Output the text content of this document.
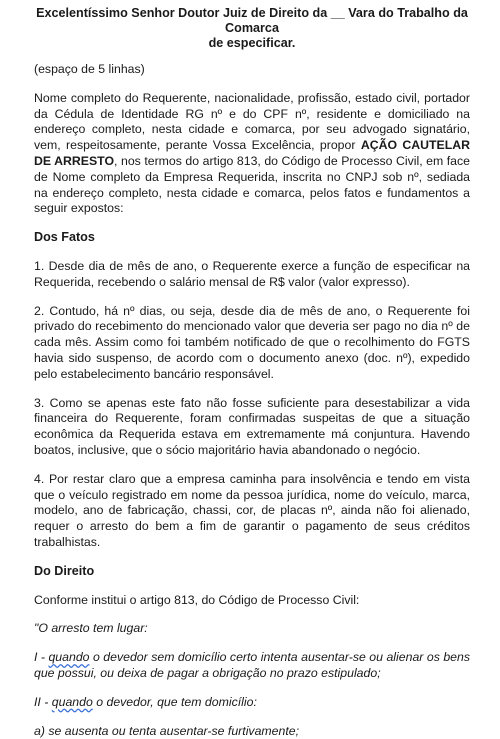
Excelentíssimo Senhor Doutor Juiz de Direito da __ Vara do Trabalho da Comarca

de especificar.

(espaço de 5 linhas)

Nome completo do Requerente, nacionalidade, profissão, estado civil, portador da Cédula de Identidade RG nº e do CPF nº, residente e domiciliado na endereço completo, nesta cidade e comarca, por seu advogado signatário, vem, respeitosamente, perante Vossa Excelência, propor AÇÃO CAUTELAR DE ARRESTO, nos termos do artigo 813, do Código de Processo Civil, em face de Nome completo da Empresa Requerida, inscrita no CNPJ sob nº, sediada na endereço completo, nesta cidade e comarca, pelos fatos e fundamentos a seguir expostos:

Dos Fatos

1. Desde dia de mês de ano, o Requerente exerce a função de especificar na Requerida, recebendo o salário mensal de R$ valor (valor expresso).

2. Contudo, há nº dias, ou seja, desde dia de mês de ano, o Requerente foi privado do recebimento do mencionado valor que deveria ser pago no dia nº de cada mês. Assim como foi também notificado de que o recolhimento do FGTS havia sido suspenso, de acordo com o documento anexo (doc. nº), expedido pelo estabelecimento bancário responsável.

3. Como se apenas este fato não fosse suficiente para desestabilizar a vida financeira do Requerente, foram confirmadas suspeitas de que a situação econômica da Requerida estava em extremamente má conjuntura. Havendo boatos, inclusive, que o sócio majoritário havia abandonado o negócio.

4. Por restar claro que a empresa caminha para insolvência e tendo em vista que o veículo registrado em nome da pessoa jurídica, nome do veículo, marca, modelo, ano de fabricação, chassi, cor, de placas nº, ainda não foi alienado, requer o arresto do bem a fim de garantir o pagamento de seus créditos trabalhistas.

Do Direito

Conforme institui o artigo 813, do Código de Processo Civil:

"O arresto tem lugar:

I - quando o devedor sem domicílio certo intenta ausentar-se ou alienar os bens que possui, ou deixa de pagar a obrigação no prazo estipulado;

II - quando o devedor, que tem domicílio:

a) se ausenta ou tenta ausentar-se furtivamente;
